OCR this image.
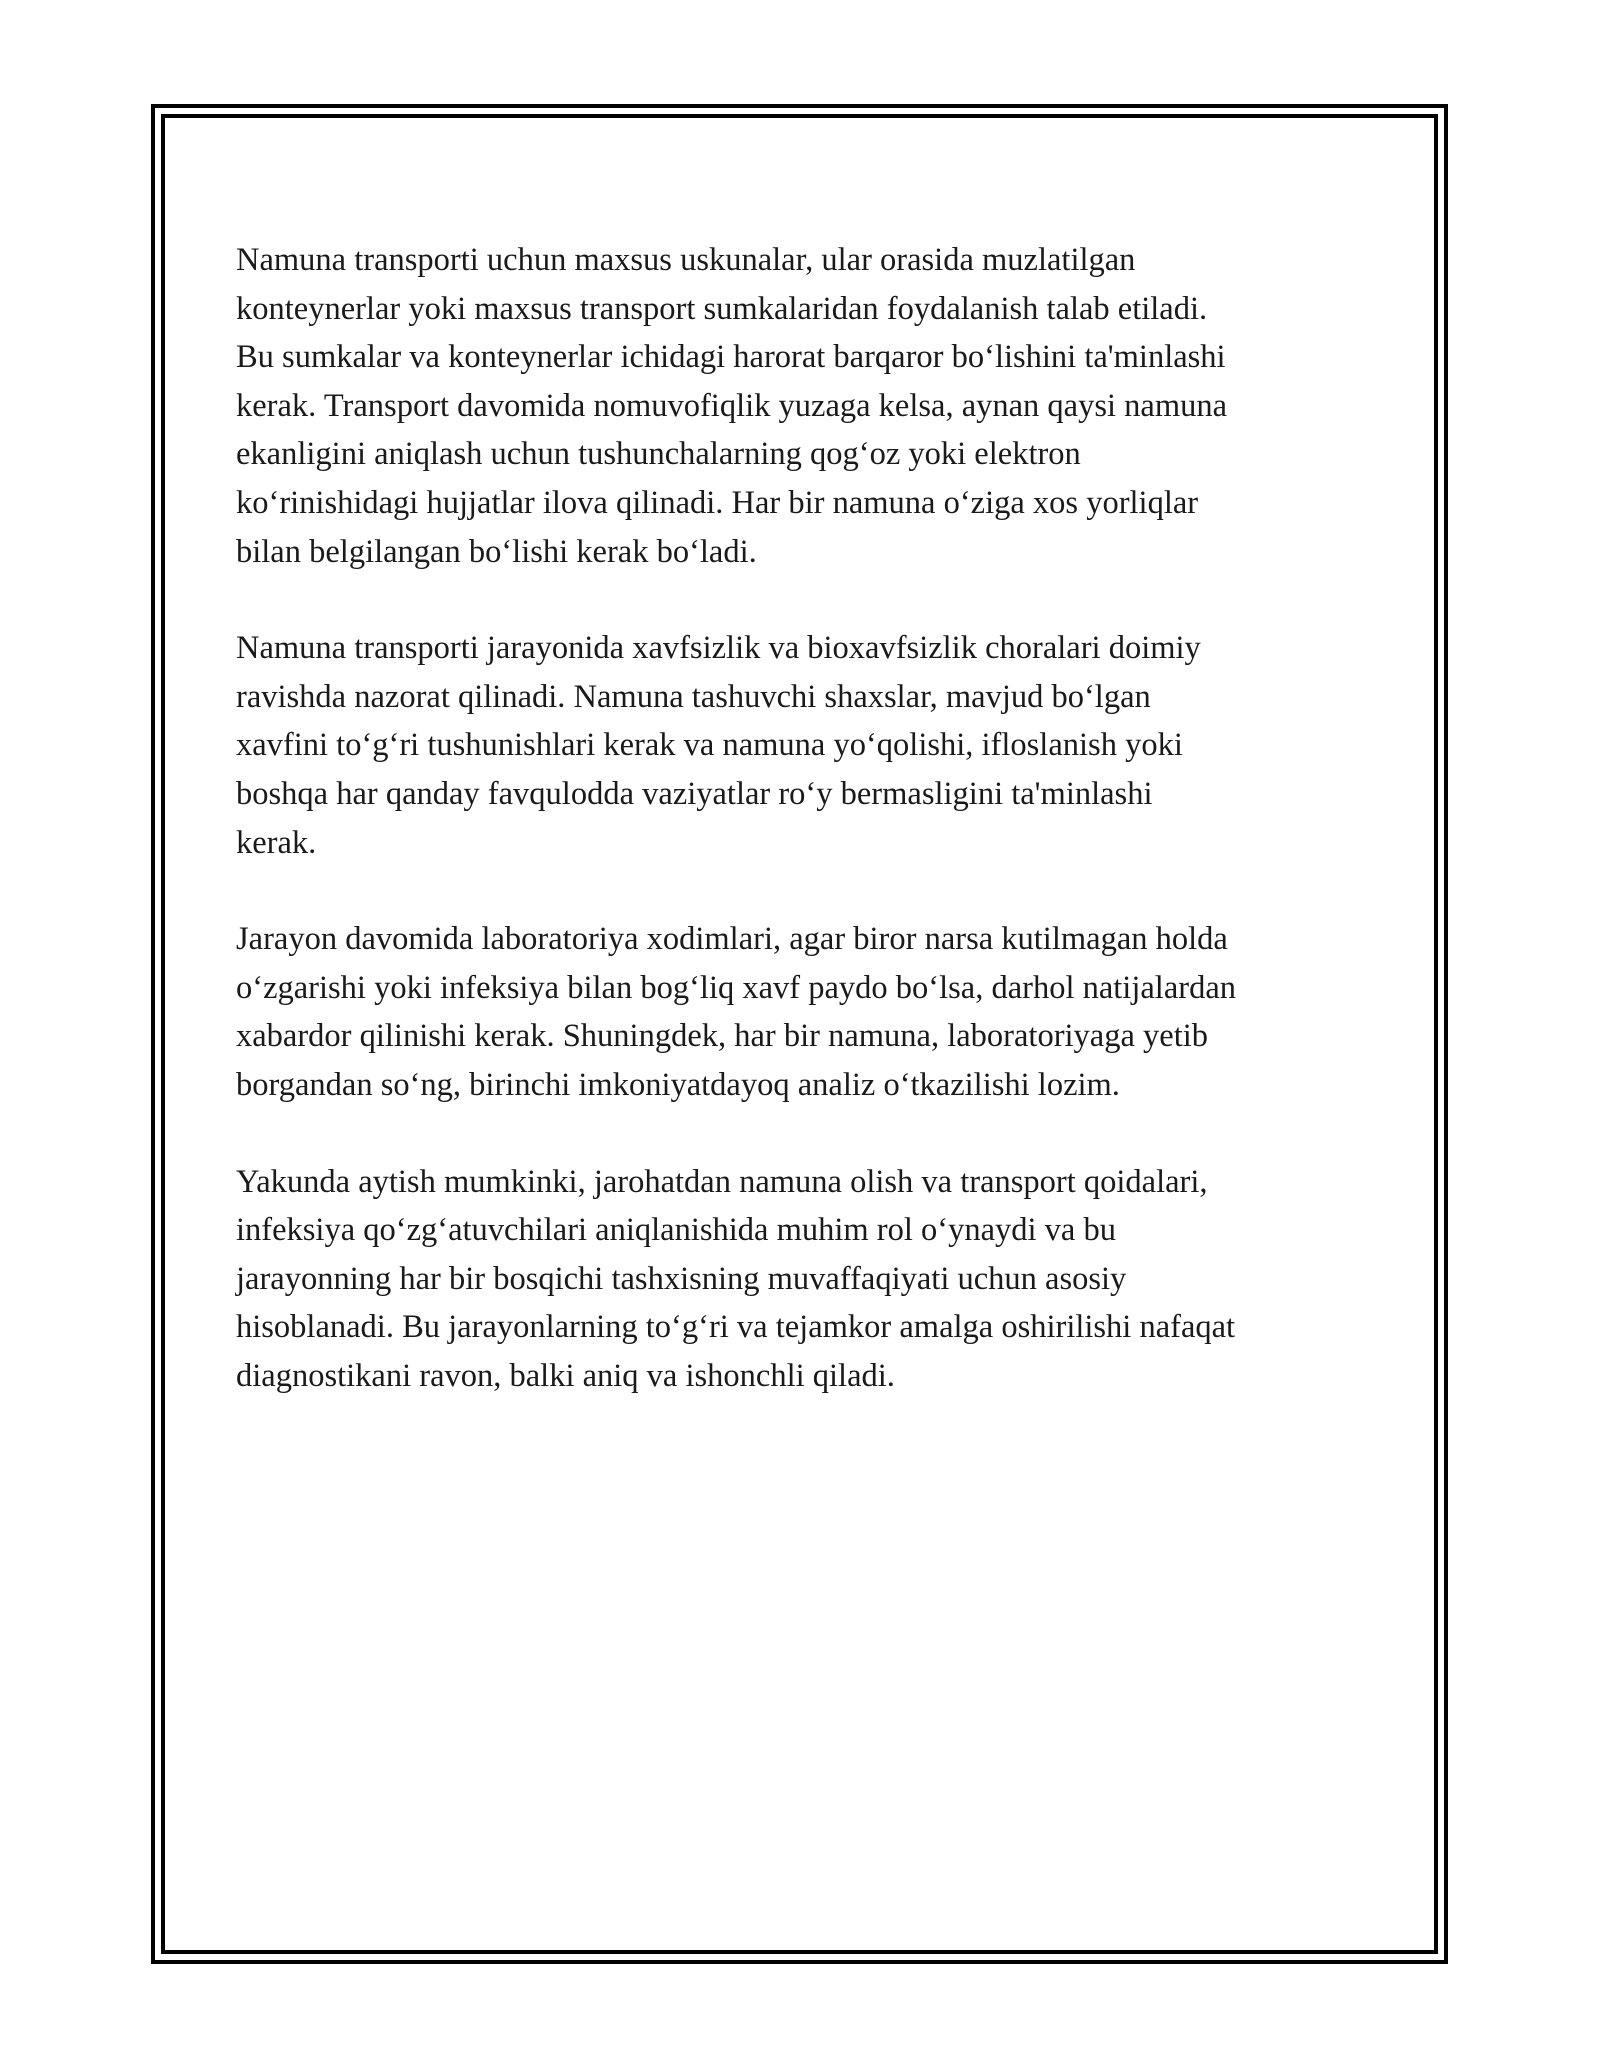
Namuna transporti uchun maxsus uskunalar, ular orasida muzlatilgan
konteynerlar yoki maxsus transport sumkalaridan foydalanish talab etiladi.
Bu sumkalar va konteynerlar ichidagi harorat barqaror bo‘lishini ta'minlashi
kerak. Transport davomida nomuvofiqlik yuzaga kelsa, aynan qaysi namuna
ekanligini aniqlash uchun tushunchalarning qog‘oz yoki elektron
ko‘rinishidagi hujjatlar ilova qilinadi. Har bir namuna o‘ziga xos yorliqlar
bilan belgilangan bo‘lishi kerak bo‘ladi.

Namuna transporti jarayonida xavfsizlik va bioxavfsizlik choralari doimiy
ravishda nazorat qilinadi. Namuna tashuvchi shaxslar, mavjud bo‘lgan
xavfini to‘g‘ri tushunishlari kerak va namuna yo‘qolishi, ifloslanish yoki
boshqa har qanday favqulodda vaziyatlar ro‘y bermasligini ta'minlashi
kerak.

Jarayon davomida laboratoriya xodimlari, agar biror narsa kutilmagan holda
o‘zgarishi yoki infeksiya bilan bog‘liq xavf paydo bo‘lsa, darhol natijalardan
xabardor qilinishi kerak. Shuningdek, har bir namuna, laboratoriyaga yetib
borgandan so‘ng, birinchi imkoniyatdayoq analiz o‘tkazilishi lozim.

Yakunda aytish mumkinki, jarohatdan namuna olish va transport qoidalari,
infeksiya qo‘zg‘atuvchilari aniqlanishida muhim rol o‘ynaydi va bu
jarayonning har bir bosqichi tashxisning muvaffaqiyati uchun asosiy
hisoblanadi. Bu jarayonlarning to‘g‘ri va tejamkor amalga oshirilishi nafaqat
diagnostikani ravon, balki aniq va ishonchli qiladi.
